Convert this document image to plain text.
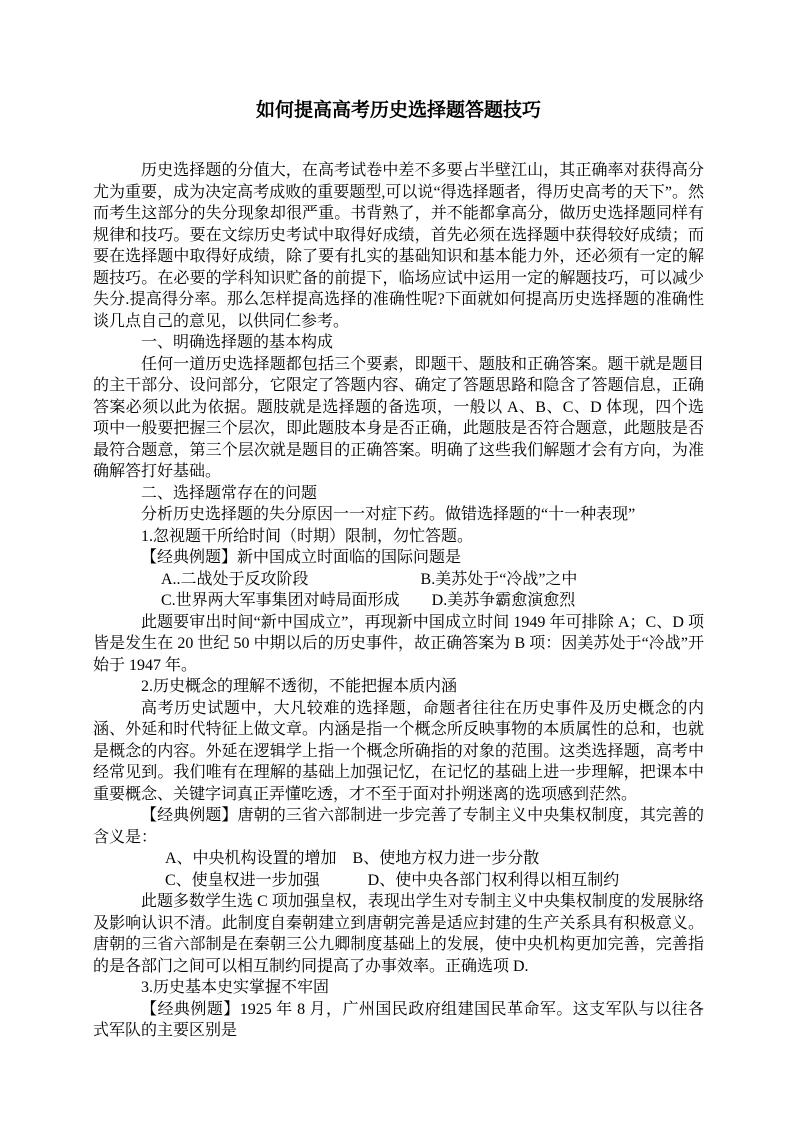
如何提高高考历史选择题答题技巧
历史选择题的分值大，在高考试卷中差不多要占半壁江山，其正确率对获得高分尤为重要，成为决定高考成败的重要题型,可以说“得选择题者，得历史高考的天下”。然而考生这部分的失分现象却很严重。书背熟了，并不能都拿高分，做历史选择题同样有规律和技巧。要在文综历史考试中取得好成绩，首先必须在选择题中获得较好成绩；而要在选择题中取得好成绩，除了要有扎实的基础知识和基本能力外，还必须有一定的解题技巧。在必要的学科知识贮备的前提下，临场应试中运用一定的解题技巧，可以减少失分.提高得分率。那么怎样提高选择的准确性呢?下面就如何提高历史选择题的准确性谈几点自己的意见，以供同仁参考。
一、明确选择题的基本构成
任何一道历史选择题都包括三个要素，即题干、题肢和正确答案。题干就是题目的主干部分、设问部分，它限定了答题内容、确定了答题思路和隐含了答题信息，正确答案必须以此为依据。题肢就是选择题的备选项，一般以 A、B、C、D 体现，四个选项中一般要把握三个层次，即此题肢本身是否正确，此题肢是否符合题意，此题肢是否最符合题意，第三个层次就是题目的正确答案。明确了这些我们解题才会有方向，为准确解答打好基础。
二、选择题常存在的问题
分析历史选择题的失分原因一一对症下药。做错选择题的“十一种表现”
1.忽视题干所给时间（时期）限制，勿忙答题。
【经典例题】新中国成立时面临的国际问题是
A..二战处于反攻阶段　　　　　　　B.美苏处于“冷战”之中
C.世界两大军事集团对峙局面形成　　D.美苏争霸愈演愈烈
此题要审出时间“新中国成立”，再现新中国成立时间 1949 年可排除 A；C、D 项皆是发生在 20 世纪 50 中期以后的历史事件，故正确答案为 B 项：因美苏处于“冷战”开始于 1947 年。
2.历史概念的理解不透彻，不能把握本质内涵
高考历史试题中，大凡较难的选择题，命题者往往在历史事件及历史概念的内涵、外延和时代特征上做文章。内涵是指一个概念所反映事物的本质属性的总和，也就是概念的内容。外延在逻辑学上指一个概念所确指的对象的范围。这类选择题，高考中经常见到。我们唯有在理解的基础上加强记忆，在记忆的基础上进一步理解，把课本中重要概念、关键字词真正弄懂吃透，才不至于面对扑朔迷离的选项感到茫然。
【经典例题】唐朝的三省六部制进一步完善了专制主义中央集权制度，其完善的含义是：
A、中央机构设置的增加　B、使地方权力进一步分散
C、使皇权进一步加强　　　D、使中央各部门权利得以相互制约
此题多数学生选 C 项加强皇权，表现出学生对专制主义中央集权制度的发展脉络及影响认识不清。此制度自秦朝建立到唐朝完善是适应封建的生产关系具有积极意义。唐朝的三省六部制是在秦朝三公九卿制度基础上的发展，使中央机构更加完善，完善指的是各部门之间可以相互制约同提高了办事效率。正确选项 D.
3.历史基本史实掌握不牢固
【经典例题】1925 年 8 月，广州国民政府组建国民革命军。这支军队与以往各式军队的主要区别是
